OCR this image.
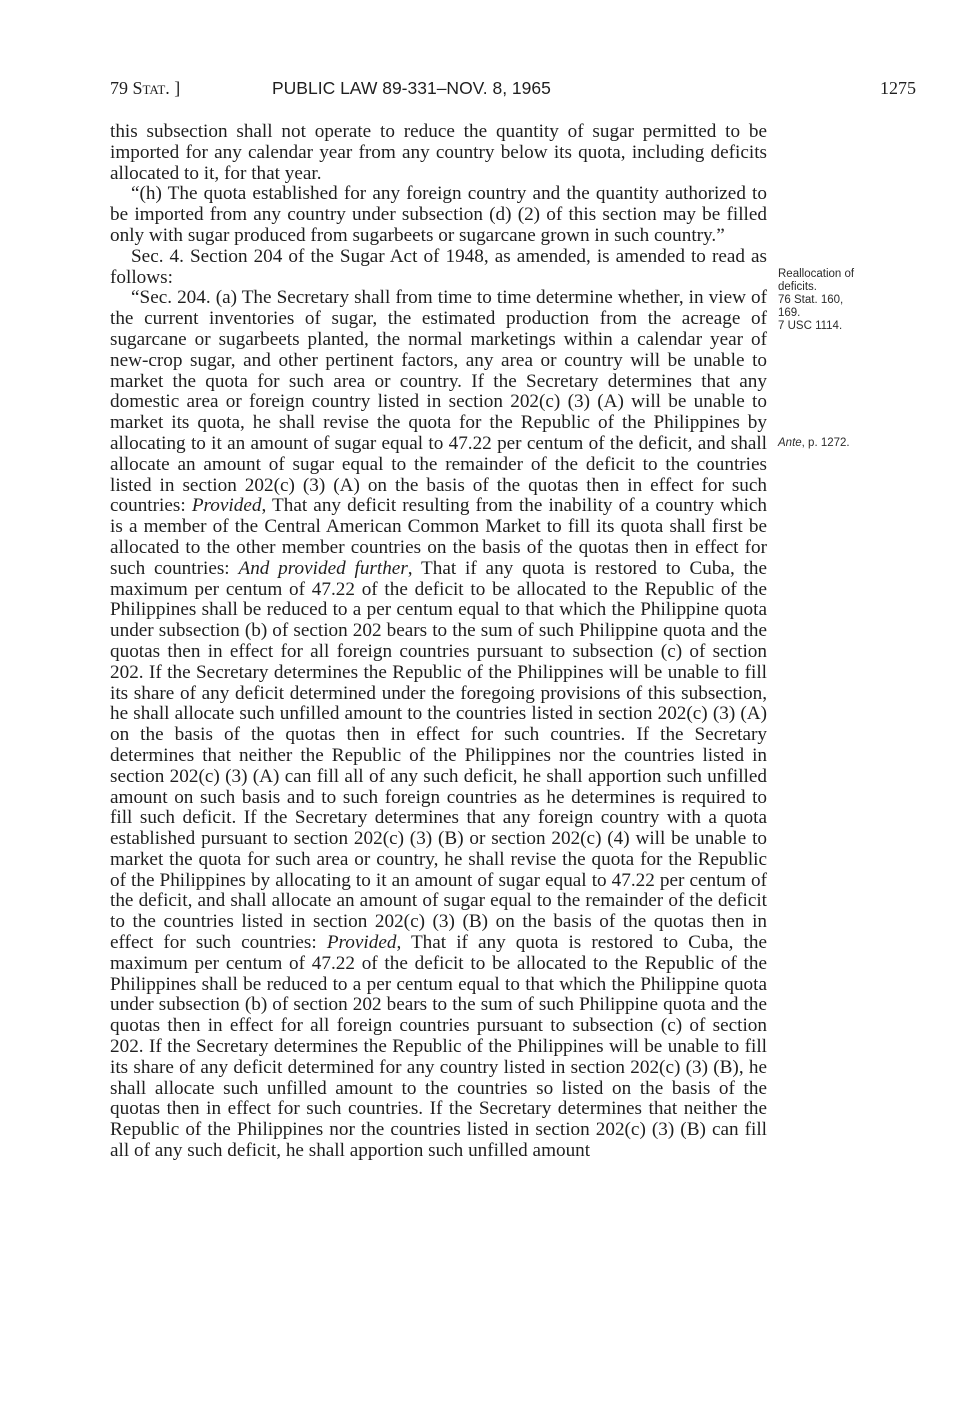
79 Stat. ]	PUBLIC LAW 89-331–NOV. 8, 1965	1275

this subsection shall not operate to reduce the quantity of sugar permitted to be imported for any calendar year from any country below its quota, including deficits allocated to it, for that year.

“(h) The quota established for any foreign country and the quantity authorized to be imported from any country under subsection (d) (2) of this section may be filled only with sugar produced from sugarbeets or sugarcane grown in such country.”

Sec. 4. Section 204 of the Sugar Act of 1948, as amended, is amended to read as follows:

“Sec. 204. (a) The Secretary shall from time to time determine whether, in view of the current inventories of sugar, the estimated production from the acreage of sugarcane or sugarbeets planted, the normal marketings within a calendar year of new-crop sugar, and other pertinent factors, any area or country will be unable to market the quota for such area or country. If the Secretary determines that any domestic area or foreign country listed in section 202(c) (3) (A) will be unable to market its quota, he shall revise the quota for the Republic of the Philippines by allocating to it an amount of sugar equal to 47.22 per centum of the deficit, and shall allocate an amount of sugar equal to the remainder of the deficit to the countries listed in section 202(c) (3) (A) on the basis of the quotas then in effect for such countries: Provided, That any deficit resulting from the inability of a country which is a member of the Central American Common Market to fill its quota shall first be allocated to the other member countries on the basis of the quotas then in effect for such countries: And provided further, That if any quota is restored to Cuba, the maximum per centum of 47.22 of the deficit to be allocated to the Republic of the Philippines shall be reduced to a per centum equal to that which the Philippine quota under subsection (b) of section 202 bears to the sum of such Philippine quota and the quotas then in effect for all foreign countries pursuant to subsection (c) of section 202. If the Secretary determines the Republic of the Philippines will be unable to fill its share of any deficit determined under the foregoing provisions of this subsection, he shall allocate such unfilled amount to the countries listed in section 202(c) (3) (A) on the basis of the quotas then in effect for such countries. If the Secretary determines that neither the Republic of the Philippines nor the countries listed in section 202(c) (3) (A) can fill all of any such deficit, he shall apportion such unfilled amount on such basis and to such foreign countries as he determines is required to fill such deficit. If the Secretary determines that any foreign country with a quota established pursuant to section 202(c) (3) (B) or section 202(c) (4) will be unable to market the quota for such area or country, he shall revise the quota for the Republic of the Philippines by allocating to it an amount of sugar equal to 47.22 per centum of the deficit, and shall allocate an amount of sugar equal to the remainder of the deficit to the countries listed in section 202(c) (3) (B) on the basis of the quotas then in effect for such countries: Provided, That if any quota is restored to Cuba, the maximum per centum of 47.22 of the deficit to be allocated to the Republic of the Philippines shall be reduced to a per centum equal to that which the Philippine quota under subsection (b) of section 202 bears to the sum of such Philippine quota and the quotas then in effect for all foreign countries pursuant to subsection (c) of section 202. If the Secretary determines the Republic of the Philippines will be unable to fill its share of any deficit determined for any country listed in section 202(c) (3) (B), he shall allocate such unfilled amount to the countries so listed on the basis of the quotas then in effect for such countries. If the Secretary determines that neither the Republic of the Philippines nor the countries listed in section 202(c) (3) (B) can fill all of any such deficit, he shall apportion such unfilled amount

Reallocation of
deficits.
76 Stat. 160,
169.
7 USC 1114.
Ante, p. 1272.
